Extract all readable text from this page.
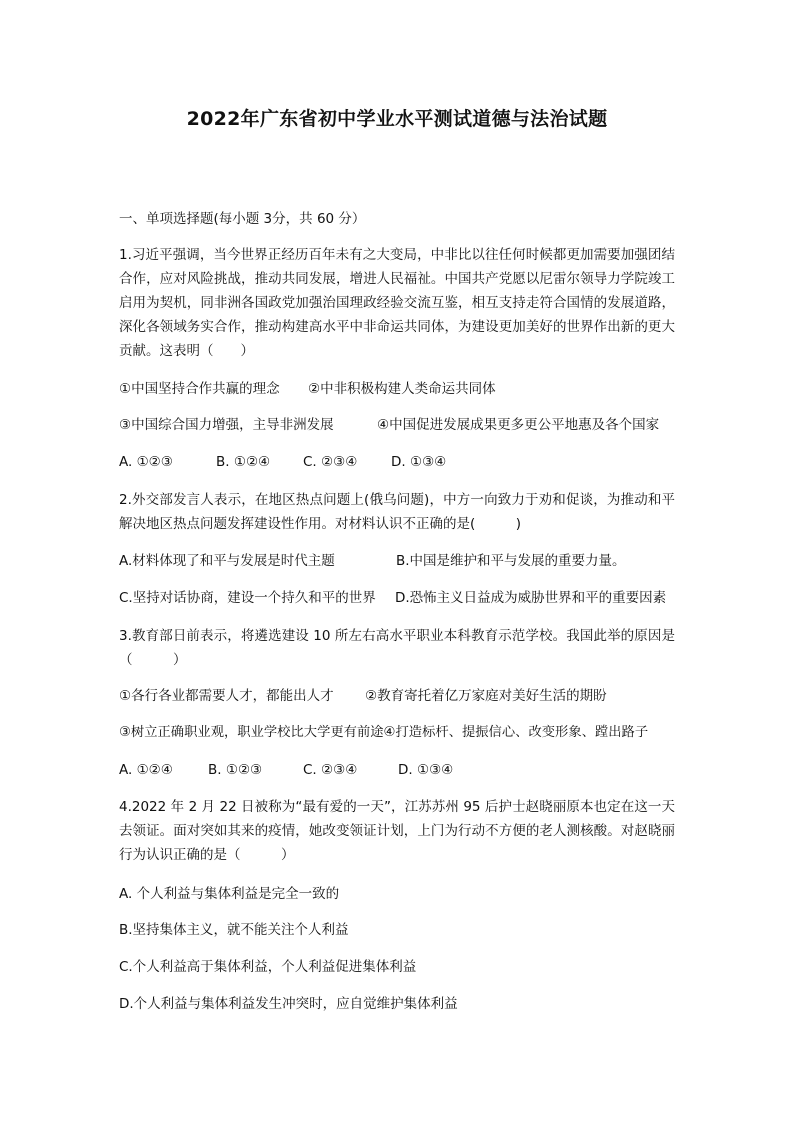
2022年广东省初中学业水平测试道德与法治试题
一、单项选择题(每小题 3分，共 60 分）
1.习近平强调，当今世界正经历百年未有之大变局，中非比以往任何时候都更加需要加强团结合作，应对风险挑战，推动共同发展，增进人民福祉。中国共产党愿以尼雷尔领导力学院竣工启用为契机，同非洲各国政党加强治国理政经验交流互鉴，相互支持走符合国情的发展道路，深化各领域务实合作，推动构建高水平中非命运共同体，为建设更加美好的世界作出新的更大贡献。这表明（　　）
①中国坚持合作共赢的理念 ②中非积极构建人类命运共同体
③中国综合国力增强，主导非洲发展	④中国促进发展成果更多更公平地惠及各个国家
A. ①②③	B. ①②④ C. ②③④ D. ①③④
2.外交部发言人表示，在地区热点问题上(俄乌问题)，中方一向致力于劝和促谈，为推动和平解决地区热点问题发挥建设性作用。对材料认识不正确的是(　　　)
A.材料体现了和平与发展是时代主题	B.中国是维护和平与发展的重要力量。
C.坚持对话协商，建设一个持久和平的世界 D.恐怖主义日益成为威胁世界和平的重要因素
3.教育部日前表示，将遴选建设 10 所左右高水平职业本科教育示范学校。我国此举的原因是（　　　）
①各行各业都需要人才，都能出人才 ②教育寄托着亿万家庭对美好生活的期盼
③树立正确职业观，职业学校比大学更有前途④打造标杆、提振信心、改变形象、蹚出路子
A. ①②④	B. ①②③	C. ②③④	D. ①③④
4.2022 年 2 月 22 日被称为“最有爱的一天”，江苏苏州 95 后护士赵晓丽原本也定在这一天去领证。面对突如其来的疫情，她改变领证计划，上门为行动不方便的老人测核酸。对赵晓丽行为认识正确的是（　　　）
A. 个人利益与集体利益是完全一致的
B.坚持集体主义，就不能关注个人利益
C.个人利益高于集体利益，个人利益促进集体利益
D.个人利益与集体利益发生冲突时，应自觉维护集体利益
